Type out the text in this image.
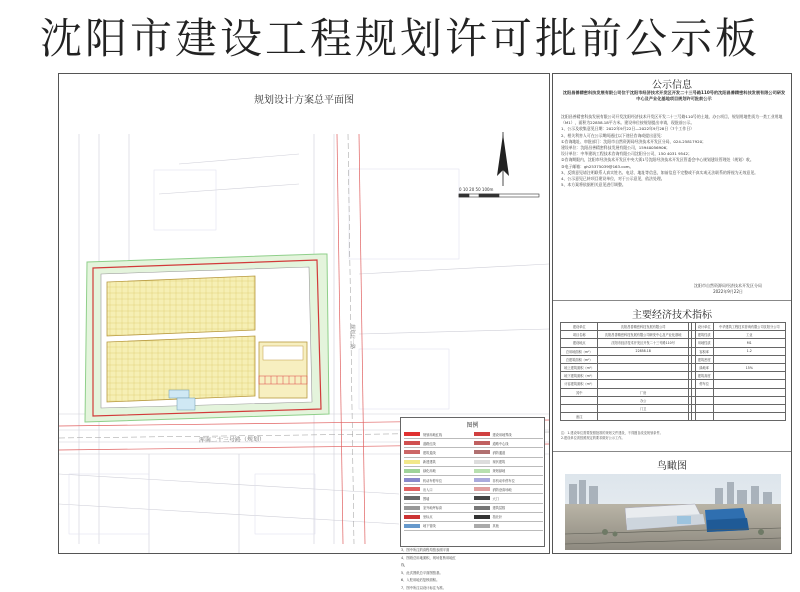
沈阳市建设工程规划许可批前公示板
规划设计方案总平面图
0 10 20 50 100m
浑南二十三号路（规划）
规划北一路
3、图中所注的高程均按参照平面
4、图纸总用地面积，现场复核用地红线，
5、此次图纸总平面图按基。
6、入驻用地后复核面积。
7、图中所注以设计标注为准。
图例
规划用地红线	建设用地界线
道路红线	道路中心线
建筑退线	消防通道
新建建筑	现状建筑
绿化用地	规划绿地
机动车停车位	非机动车停车位
出入口	消防登高场地
围墙	大门
室外地坪标高	建筑层数
坐标点	指北针
地下管线	其他
公示信息
沈阳昌善精密科技发展有限公司位于沈阳市经济技术开发区开发二十三号路110号的沈阳昌善精密科技发展有限公司研发中心及产业化基地项目规划许可批前公示

沈阳昌善精密科技发展有限公司开发沈阳经济技术开发区开发二十三号路110号的土地，办公项目，规划用地性质为一类工业用地（M1），面积为22858.18平方米。建设单位按规划提出申请，现批前公示。

1、公示及收集意见日期：2022年9月22日—2022年9月28日（7个工作日）

2、相关利害人可在公示期间通过以下途径咨询或提出意见：

①咨询地址、审批部门：沈阳市自然资源局经济技术开发区分局，024-25817920；

建设单位：沈阳昌善精密科技发展有限公司，15940056906；

设计单位：中华建筑工程技术咨询有限公司沈阳分公司，150 4031 9542；

②咨询期限内，沈阳市经济技术开发区中央大街1号沈阳经济技术开发区管委会中心规划建设管理处（规划）收。

③电子邮箱：gh25375039@163.com。

3、反馈意见请注明联系人真实姓名、电话、地址等信息，如前信息不完整或不真实或无法联系的将视为无效意见。

4、公示意见已转项目建设单位，对于公示意见，依法处理。

5、本方案将依据相关意见进行调整。

沈阳市自然资源局经济技术开发区分局
2022年9月22日
主要经济技术指标
建设单位	沈阳昌善精密科技发展有限公司			设计单位	中华建筑工程技术咨询有限公司沈阳分公司
项目名称	沈阳昌善精密科技发展有限公司研发中心及产业化基地			建筑性质	工业
建设地点	沈阳市经济技术开发区开发二十三号路110号			用地性质	M1
总用地面积（m²）	22858.18			容积率	1.2
总建筑面积（m²）				建筑密度	
地上建筑面积（m²）				绿地率	15%
地下建筑面积（m²）				建筑高度	
计容建筑面积（m²）				停车位	
其中	厂房				
	办公				
	门卫				
备注					
注：1.建设单位需要按照批准的规划文件建设，不得擅自改变规划条件。
2.建设单位须按照规定的要求做好公示工作。
鸟瞰图
